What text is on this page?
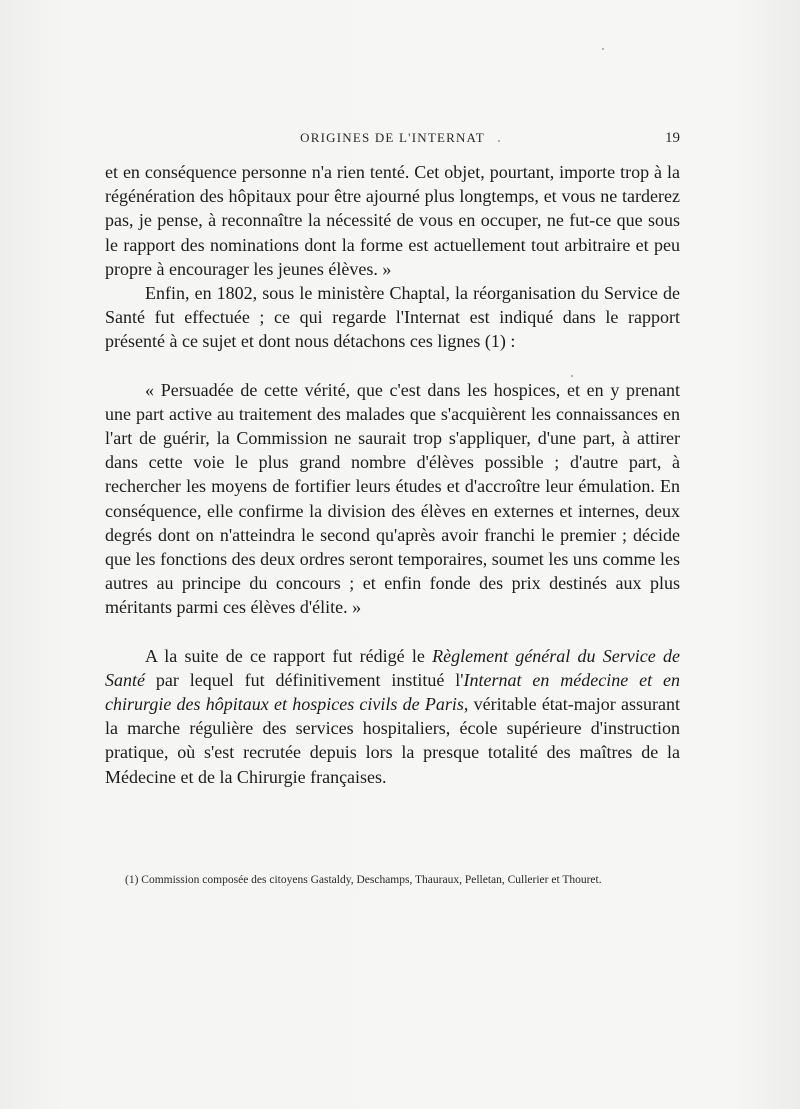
ORIGINES DE L'INTERNAT	19

et en conséquence personne n'a rien tenté. Cet objet, pourtant, importe trop à la régénération des hôpitaux pour être ajourné plus longtemps, et vous ne tarderez pas, je pense, à reconnaître la nécessité de vous en occuper, ne fut-ce que sous le rapport des nominations dont la forme est actuellement tout arbitraire et peu propre à encourager les jeunes élèves. »

Enfin, en 1802, sous le ministère Chaptal, la réorganisation du Service de Santé fut effectuée ; ce qui regarde l'Internat est indiqué dans le rapport présenté à ce sujet et dont nous détachons ces lignes (1) :

« Persuadée de cette vérité, que c'est dans les hospices, et en y prenant une part active au traitement des malades que s'acquièrent les connaissances en l'art de guérir, la Commission ne saurait trop s'appliquer, d'une part, à attirer dans cette voie le plus grand nombre d'élèves possible ; d'autre part, à rechercher les moyens de fortifier leurs études et d'accroître leur émulation. En conséquence, elle confirme la division des élèves en externes et internes, deux degrés dont on n'atteindra le second qu'après avoir franchi le premier ; décide que les fonctions des deux ordres seront temporaires, soumet les uns comme les autres au principe du concours ; et enfin fonde des prix destinés aux plus méritants parmi ces élèves d'élite. »

A la suite de ce rapport fut rédigé le Règlement général du Service de Santé par lequel fut définitivement institué l'Internat en médecine et en chirurgie des hôpitaux et hospices civils de Paris, véritable état-major assurant la marche régulière des services hospitaliers, école supérieure d'instruction pratique, où s'est recrutée depuis lors la presque totalité des maîtres de la Médecine et de la Chirurgie françaises.

(1) Commission composée des citoyens Gastaldy, Deschamps, Thauraux, Pelletan, Cullerier et Thouret.
